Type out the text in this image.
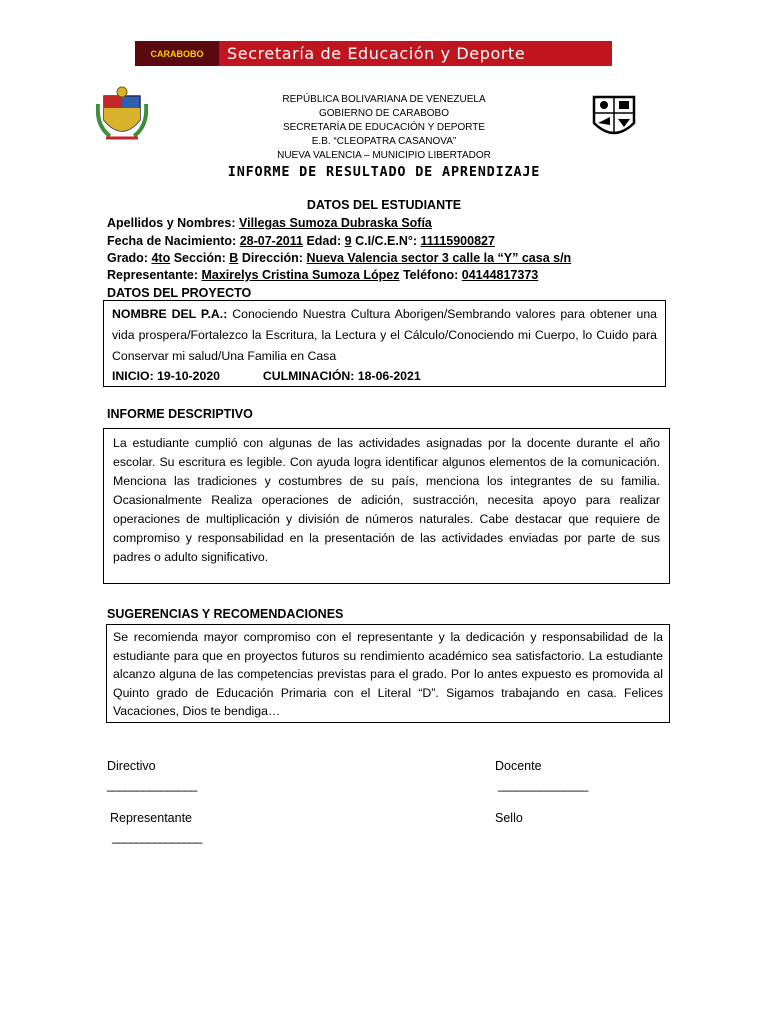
CARABOBO Secretaría de Educación y Deporte
REPÚBLICA BOLIVARIANA DE VENEZUELA
GOBIERNO DE CARABOBO
SECRETARÍA DE EDUCACIÓN Y DEPORTE
E.B. “CLEOPATRA CASANOVA”
NUEVA VALENCIA – MUNICIPIO LIBERTADOR
INFORME DE RESULTADO DE APRENDIZAJE
DATOS DEL ESTUDIANTE
Apellidos y Nombres: Villegas Sumoza Dubraska Sofía
Fecha de Nacimiento: 28-07-2011 Edad: 9 C.I/C.E.N°: 11115900827
Grado: 4to Sección: B Dirección: Nueva Valencia sector 3 calle la “Y” casa s/n
Representante: Maxirelys Cristina Sumoza López Teléfono: 04144817373
DATOS DEL PROYECTO

NOMBRE DEL P.A.: Conociendo Nuestra Cultura Aborigen/Sembrando valores para obtener una vida prospera/Fortalezco la Escritura, la Lectura y el Cálculo/Conociendo mi Cuerpo, lo Cuido para Conservar mi salud/Una Familia en Casa

INICIO: 19-10-2020	CULMINACIÓN: 18-06-2021

INFORME DESCRIPTIVO

La estudiante cumplió con algunas de las actividades asignadas por la docente durante el año escolar. Su escritura es legible. Con ayuda logra identificar algunos elementos de la comunicación. Menciona las tradiciones y costumbres de su país, menciona los integrantes de su familia. Ocasionalmente Realiza operaciones de adición, sustracción, necesita apoyo para realizar operaciones de multiplicación y división de números naturales. Cabe destacar que requiere de compromiso y responsabilidad en la presentación de las actividades enviadas por parte de sus padres o adulto significativo.

SUGERENCIAS Y RECOMENDACIONES

Se recomienda mayor compromiso con el representante y la dedicación y responsabilidad de la estudiante para que en proyectos futuros su rendimiento académico sea satisfactorio. La estudiante alcanzo alguna de las competencias previstas para el grado. Por lo antes expuesto es promovida al Quinto grado de Educación Primaria con el Literal “D”. Sigamos trabajando en casa. Felices Vacaciones, Dios te bendiga…

Directivo
_______________
Docente
_______________
Representante
_______________
Sello
